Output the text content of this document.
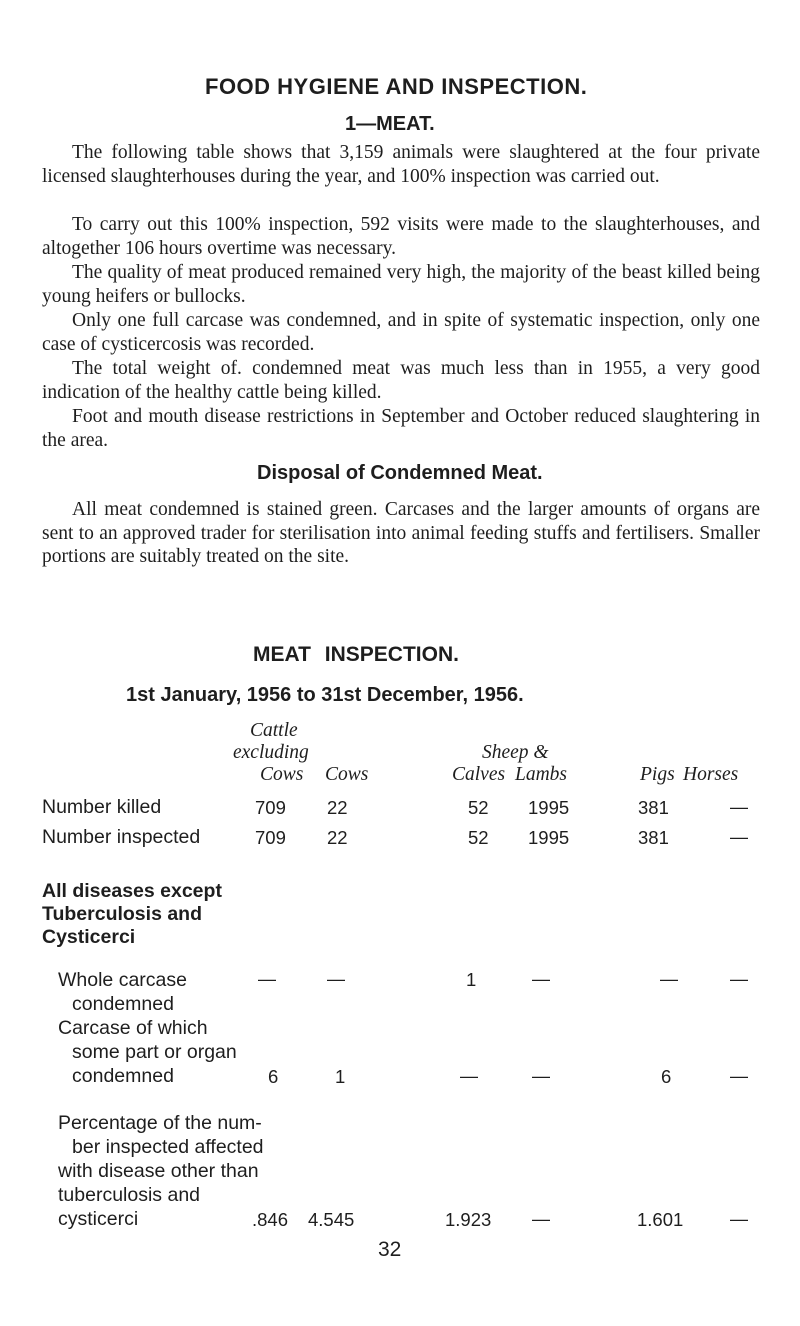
FOOD HYGIENE AND INSPECTION.
1—MEAT.

The following table shows that 3,159 animals were slaughtered at the four private licensed slaughterhouses during the year, and 100% inspection was carried out.

To carry out this 100% inspection, 592 visits were made to the slaughterhouses, and altogether 106 hours overtime was necessary.

The quality of meat produced remained very high, the majority of the beast killed being young heifers or bullocks.

Only one full carcase was condemned, and in spite of systematic inspection, only one case of cysticercosis was recorded.

The total weight of. condemned meat was much less than in 1955, a very good indication of the healthy cattle being killed.

Foot and mouth disease restrictions in September and October reduced slaughtering in the area.

Disposal of Condemned Meat.

All meat condemned is stained green. Carcases and the larger amounts of organs are sent to an approved trader for sterilisation into animal feeding stuffs and fertilisers. Smaller portions are suitably treated on the site.

MEAT INSPECTION.
1st January, 1956 to 31st December, 1956.
Cattle
excluding
Cows Cows
Sheep &
Calves Lambs	Pigs Horses
Number killed	709 22	52 1995	381	—
Number inspected	709 22	52 1995	381	—
All diseases except
Tuberculosis and
Cysticerci
Whole carcase
condemned
—	—	1	—	—	—
Carcase of which
some part or organ
condemned	6	1	—	—	6	—
Percentage of the num-
ber inspected affected
with disease other than
tuberculosis and
cysticerci	.846 4.545	1.923 —	1.601	—
32
